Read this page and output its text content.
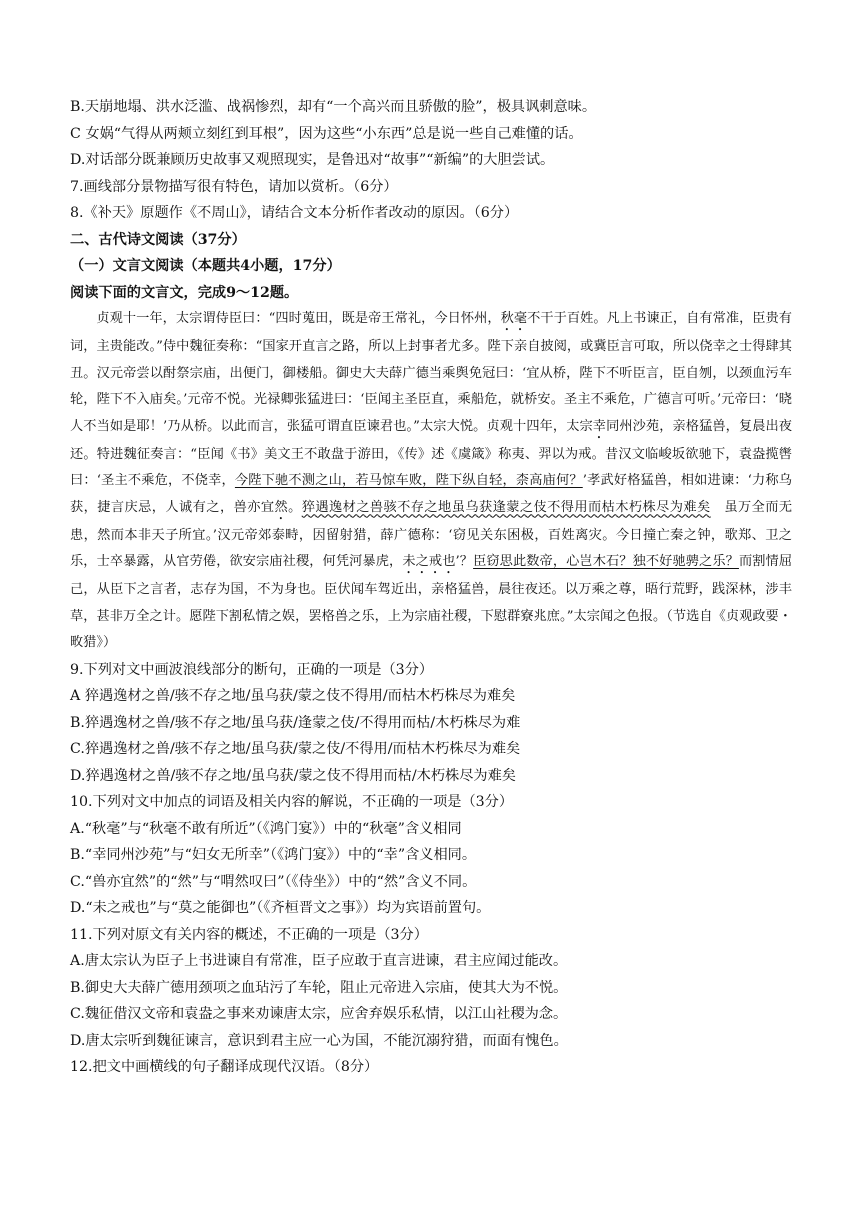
B.天崩地塌、洪水泛滥、战祸惨烈，却有“一个高兴而且骄傲的脸”，极具讽刺意味。
C 女娲“气得从两颊立刻红到耳根”，因为这些“小东西”总是说一些自己难懂的话。
D.对话部分既兼顾历史故事又观照现实，是鲁迅对“故事”“新编”的大胆尝试。
7.画线部分景物描写很有特色，请加以赏析。（6分）
8.《补天》原题作《不周山》，请结合文本分析作者改动的原因。（6分）
二、古代诗文阅读（37分）
（一）文言文阅读（本题共4小题，17分）
阅读下面的文言文，完成9～12题。

贞观十一年，太宗谓侍臣曰：“四时蒐田，既是帝王常礼，今日怀州，秋毫不干于百姓。凡上书谏正，自有常准，臣贵有词，主贵能改。”侍中魏征奏称：“国家开直言之路，所以上封事者尤多。陛下亲自披阅，或冀臣言可取，所以侥幸之士得肆其丑。汉元帝尝以酎祭宗庙，出便门，御楼船。御史大夫薛广德当乘舆免冠曰：‘宜从桥，陛下不听臣言，臣自刎，以颈血污车轮，陛下不入庙矣。’元帝不悦。光禄卿张猛进曰：‘臣闻主圣臣直，乘船危，就桥安。圣主不乘危，广德言可听。’元帝曰：‘晓人不当如是耶！’乃从桥。以此而言，张猛可谓直臣谏君也。”太宗大悦。贞观十四年，太宗幸同州沙苑，亲格猛兽，复晨出夜还。特进魏征奏言：“臣闻《书》美文王不敢盘于游田，《传》述《虞箴》称夷、羿以为戒。昔汉文临峻坂欲驰下，袁盎揽辔曰：‘圣主不乘危，不侥幸，今陛下驰不测之山，若马惊车败，陛下纵自轻，柰高庙何？’孝武好格猛兽，相如进谏：‘力称乌获，捷言庆忌，人诚有之，兽亦宜然。猝遇逸材之兽骇不存之地虽乌获逢蒙之伎不得用而枯木朽株尽为难矣　虽万全而无患，然而本非天子所宜。’汉元帝郊泰畤，因留射猎，薛广德称：‘窃见关东困极，百姓离灾。今日撞亡秦之钟，歌郑、卫之乐，士卒暴露，从官劳倦，欲安宗庙社稷，何凭河暴虎，未之戒也’？臣窃思此数帝，心岂木石？独不好驰骋之乐？而割情屈己，从臣下之言者，志存为国，不为身也。臣伏闻车驾近出，亲格猛兽，晨往夜还。以万乘之尊，晤行荒野，践深林，涉丰草，甚非万全之计。愿陛下割私情之娱，罢格兽之乐，上为宗庙社稷，下慰群寮兆庶。”太宗闻之色报。（节选自《贞观政要・畋猎》）

9.下列对文中画波浪线部分的断句，正确的一项是（3分）
A 猝遇逸材之兽/骇不存之地/虽乌获/蒙之伎不得用/而枯木朽株尽为难矣
B.猝遇逸材之兽/骇不存之地/虽乌获/逢蒙之伎/不得用而枯/木朽株尽为难
C.猝遇逸材之兽/骇不存之地/虽乌获/蒙之伎/不得用/而枯木朽株尽为难矣
D.猝遇逸材之兽/骇不存之地/虽乌获/蒙之伎不得用而枯/木朽株尽为难矣
10.下列对文中加点的词语及相关内容的解说，不正确的一项是（3分）
A.“秋毫”与“秋毫不敢有所近”（《鸿门宴》）中的“秋毫”含义相同
B.“幸同州沙苑”与“妇女无所幸”（《鸿门宴》）中的“幸”含义相同。
C.“兽亦宜然”的“然”与“喟然叹曰”（《侍坐》）中的“然”含义不同。
D.“未之戒也”与“莫之能御也”（《齐桓晋文之事》）均为宾语前置句。
11.下列对原文有关内容的概述，不正确的一项是（3分）
A.唐太宗认为臣子上书进谏自有常准，臣子应敢于直言进谏，君主应闻过能改。
B.御史大夫薛广德用颈项之血玷污了车轮，阻止元帝进入宗庙，使其大为不悦。
C.魏征借汉文帝和袁盎之事来劝谏唐太宗，应舍弃娱乐私情，以江山社稷为念。
D.唐太宗听到魏征谏言，意识到君主应一心为国，不能沉溺狩猎，而面有愧色。
12.把文中画横线的句子翻译成现代汉语。（8分）
